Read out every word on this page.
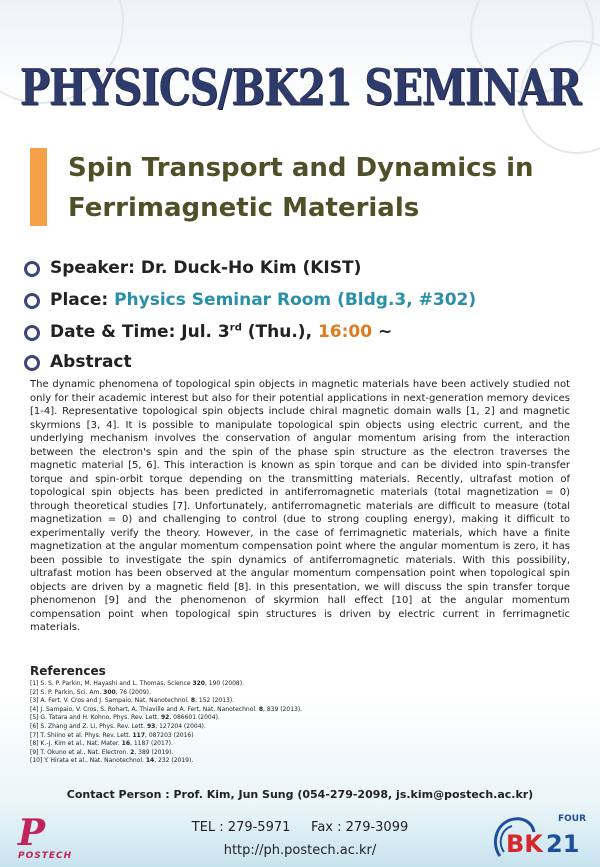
PHYSICS/BK21 SEMINAR
Spin Transport and Dynamics in
Ferrimagnetic Materials
Speaker: Dr. Duck-Ho Kim (KIST)
Place: Physics Seminar Room (Bldg.3, #302)
Date & Time: Jul. 3rd (Thu.), 16:00 ~
Abstract
The dynamic phenomena of topological spin objects in magnetic materials have been actively studied not only for their academic interest but also for their potential applications in next-generation memory devices [1-4]. Representative topological spin objects include chiral magnetic domain walls [1, 2] and magnetic skyrmions [3, 4]. It is possible to manipulate topological spin objects using electric current, and the underlying mechanism involves the conservation of angular momentum arising from the interaction between the electron's spin and the spin of the phase spin structure as the electron traverses the magnetic material [5, 6]. This interaction is known as spin torque and can be divided into spin-transfer torque and spin-orbit torque depending on the transmitting materials. Recently, ultrafast motion of topological spin objects has been predicted in antiferromagnetic materials (total magnetization = 0) through theoretical studies [7]. Unfortunately, antiferromagnetic materials are difficult to measure (total magnetization = 0) and challenging to control (due to strong coupling energy), making it difficult to experimentally verify the theory. However, in the case of ferrimagnetic materials, which have a finite magnetization at the angular momentum compensation point where the angular momentum is zero, it has been possible to investigate the spin dynamics of antiferromagnetic materials. With this possibility, ultrafast motion has been observed at the angular momentum compensation point when topological spin objects are driven by a magnetic field [8]. In this presentation, we will discuss the spin transfer torque phenomenon [9] and the phenomenon of skyrmion hall effect [10] at the angular momentum compensation point when topological spin structures is driven by electric current in ferrimagnetic materials.
References
[1] S. S. P. Parkin, M. Hayashi and L. Thomas, Science 320, 190 (2008).
[2] S. P. Parkin, Sci. Am. 300, 76 (2009).
[3] A. Fert, V. Cros and J. Sampaio, Nat. Nanotechnol. 8, 152 (2013).
[4] J. Sampaio, V. Cros, S. Rohart, A. Thiaville and A. Fert, Nat. Nanotechnol. 8, 839 (2013).
[5] G. Tatara and H. Kohno, Phys. Rev. Lett. 92, 086601 (2004).
[6] S. Zhang and Z. Li, Phys. Rev. Lett. 93, 127204 (2004).
[7] T. Shiino et al. Phys. Rev. Lett. 117, 087203 (2016)
[8] K.-J. Kim et al., Nat. Mater. 16, 1187 (2017).
[9] T. Okuno et al., Nat. Electron. 2, 389 (2019).
[10] Y. Hirata et al., Nat. Nanotechnol. 14, 232 (2019).
Contact Person : Prof. Kim, Jun Sung (054-279-2098, js.kim@postech.ac.kr)
TEL : 279-5971     Fax : 279-3099
http://ph.postech.ac.kr/
P
POSTECH
FOUR
BK 21
